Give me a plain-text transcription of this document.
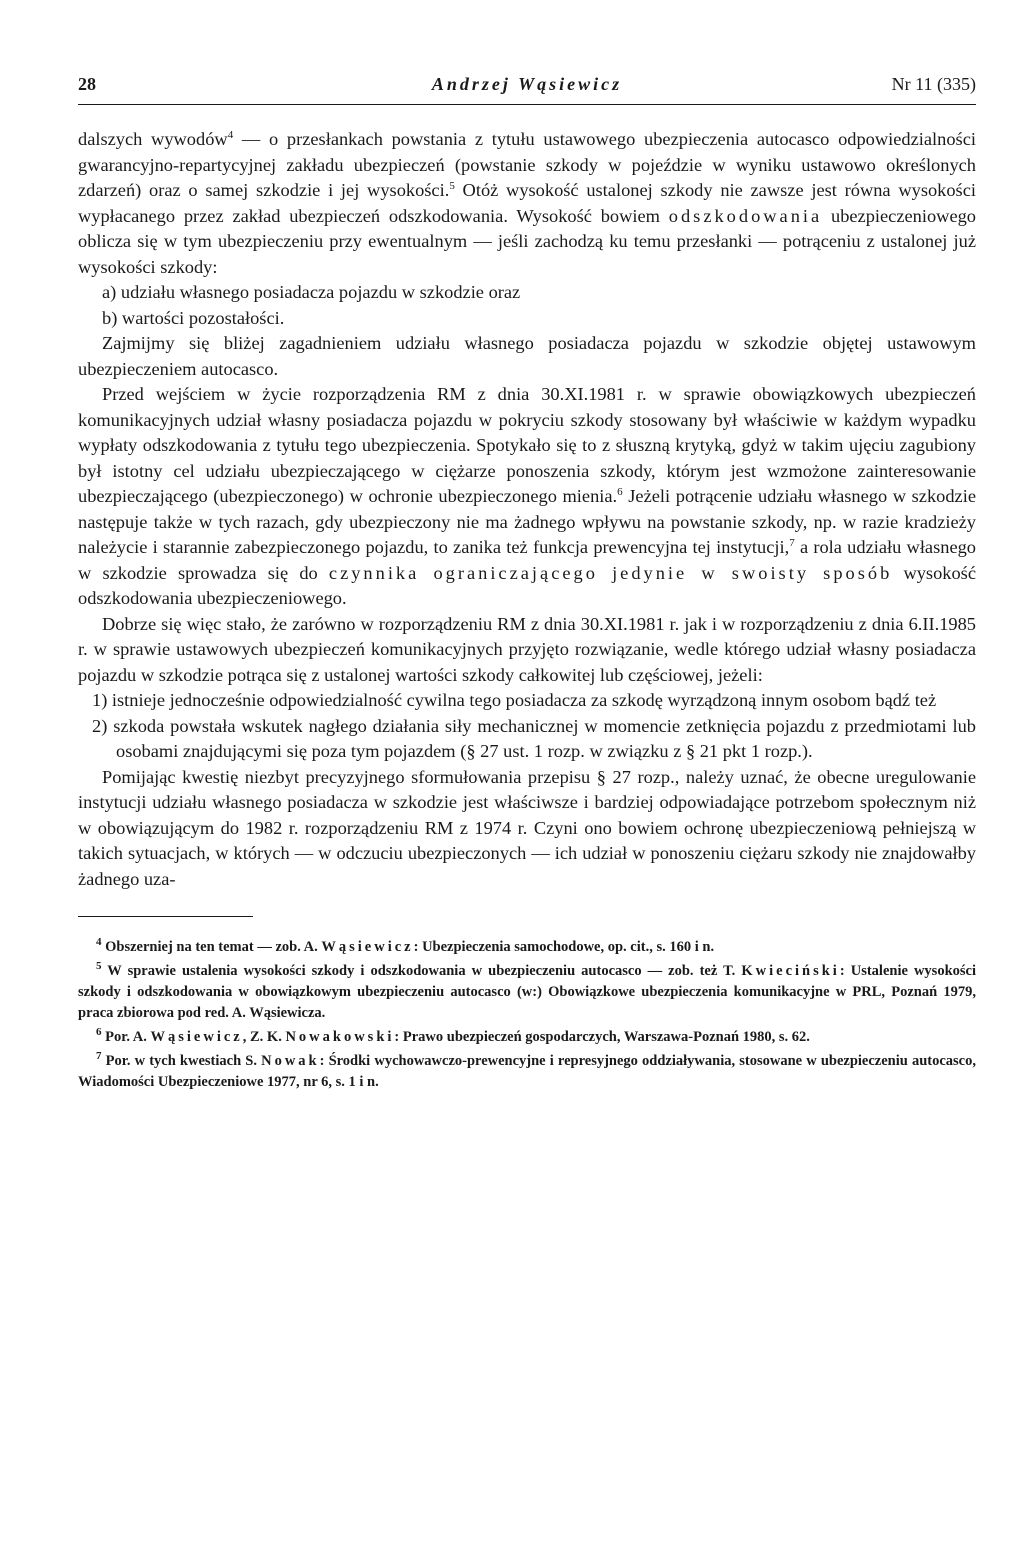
28	Andrzej Wąsiewicz	Nr 11 (335)

dalszych wywodów$^4$ — o przesłankach powstania z tytułu ustawowego ubezpieczenia autocasco odpowiedzialności gwarancyjno-repartycyjnej zakładu ubezpieczeń (powstanie szkody w pojeździe w wyniku ustawowo określonych zdarzeń) oraz o samej szkodzie i jej wysokości.$^5$ Otóż wysokość ustalonej szkody nie zawsze jest równa wysokości wypłacanego przez zakład ubezpieczeń odszkodowania. Wysokość bowiem odszkodowania ubezpieczeniowego oblicza się w tym ubezpieczeniu przy ewentualnym — jeśli zachodzą ku temu przesłanki — potrąceniu z ustalonej już wysokości szkody:

a) udziału własnego posiadacza pojazdu w szkodzie oraz

b) wartości pozostałości.

Zajmijmy się bliżej zagadnieniem udziału własnego posiadacza pojazdu w szkodzie objętej ustawowym ubezpieczeniem autocasco.

Przed wejściem w życie rozporządzenia RM z dnia 30.XI.1981 r. w sprawie obowiązkowych ubezpieczeń komunikacyjnych udział własny posiadacza pojazdu w pokryciu szkody stosowany był właściwie w każdym wypadku wypłaty odszkodowania z tytułu tego ubezpieczenia. Spotykało się to z słuszną krytyką, gdyż w takim ujęciu zagubiony był istotny cel udziału ubezpieczającego w ciężarze ponoszenia szkody, którym jest wzmożone zainteresowanie ubezpieczającego (ubezpieczonego) w ochronie ubezpieczonego mienia.$^6$ Jeżeli potrącenie udziału własnego w szkodzie następuje także w tych razach, gdy ubezpieczony nie ma żadnego wpływu na powstanie szkody, np. w razie kradzieży należycie i starannie zabezpieczonego pojazdu, to zanika też funkcja prewencyjna tej instytucji,$^7$ a rola udziału własnego w szkodzie sprowadza się do czynnika ograniczającego jedynie w swoisty sposób wysokość odszkodowania ubezpieczeniowego.

Dobrze się więc stało, że zarówno w rozporządzeniu RM z dnia 30.XI.1981 r. jak i w rozporządzeniu z dnia 6.II.1985 r. w sprawie ustawowych ubezpieczeń komunikacyjnych przyjęto rozwiązanie, wedle którego udział własny posiadacza pojazdu w szkodzie potrąca się z ustalonej wartości szkody całkowitej lub częściowej, jeżeli:

1) istnieje jednocześnie odpowiedzialność cywilna tego posiadacza za szkodę wyrządzoną innym osobom bądź też

2) szkoda powstała wskutek nagłego działania siły mechanicznej w momencie zetknięcia pojazdu z przedmiotami lub osobami znajdującymi się poza tym pojazdem (§ 27 ust. 1 rozp. w związku z § 21 pkt 1 rozp.).

Pomijając kwestię niezbyt precyzyjnego sformułowania przepisu § 27 rozp., należy uznać, że obecne uregulowanie instytucji udziału własnego posiadacza w szkodzie jest właściwsze i bardziej odpowiadające potrzebom społecznym niż w obowiązującym do 1982 r. rozporządzeniu RM z 1974 r. Czyni ono bowiem ochronę ubezpieczeniową pełniejszą w takich sytuacjach, w których — w odczuciu ubezpieczonych — ich udział w ponoszeniu ciężaru szkody nie znajdowałby żadnego uza-

$^4$ Obszerniej na ten temat — zob. A. Wąsiewicz: Ubezpieczenia samochodowe, op. cit., s. 160 i n.

$^5$ W sprawie ustalenia wysokości szkody i odszkodowania w ubezpieczeniu autocasco — zob. też T. Kwieciński: Ustalenie wysokości szkody i odszkodowania w obowiązkowym ubezpieczeniu autocasco (w:) Obowiązkowe ubezpieczenia komunikacyjne w PRL, Poznań 1979, praca zbiorowa pod red. A. Wąsiewicza.

$^6$ Por. A. Wąsiewicz, Z. K. Nowakowski: Prawo ubezpieczeń gospodarczych, Warszawa-Poznań 1980, s. 62.

$^7$ Por. w tych kwestiach S. Nowak: Środki wychowawczo-prewencyjne i represyjnego oddziaływania, stosowane w ubezpieczeniu autocasco, Wiadomości Ubezpieczeniowe 1977, nr 6, s. 1 i n.
